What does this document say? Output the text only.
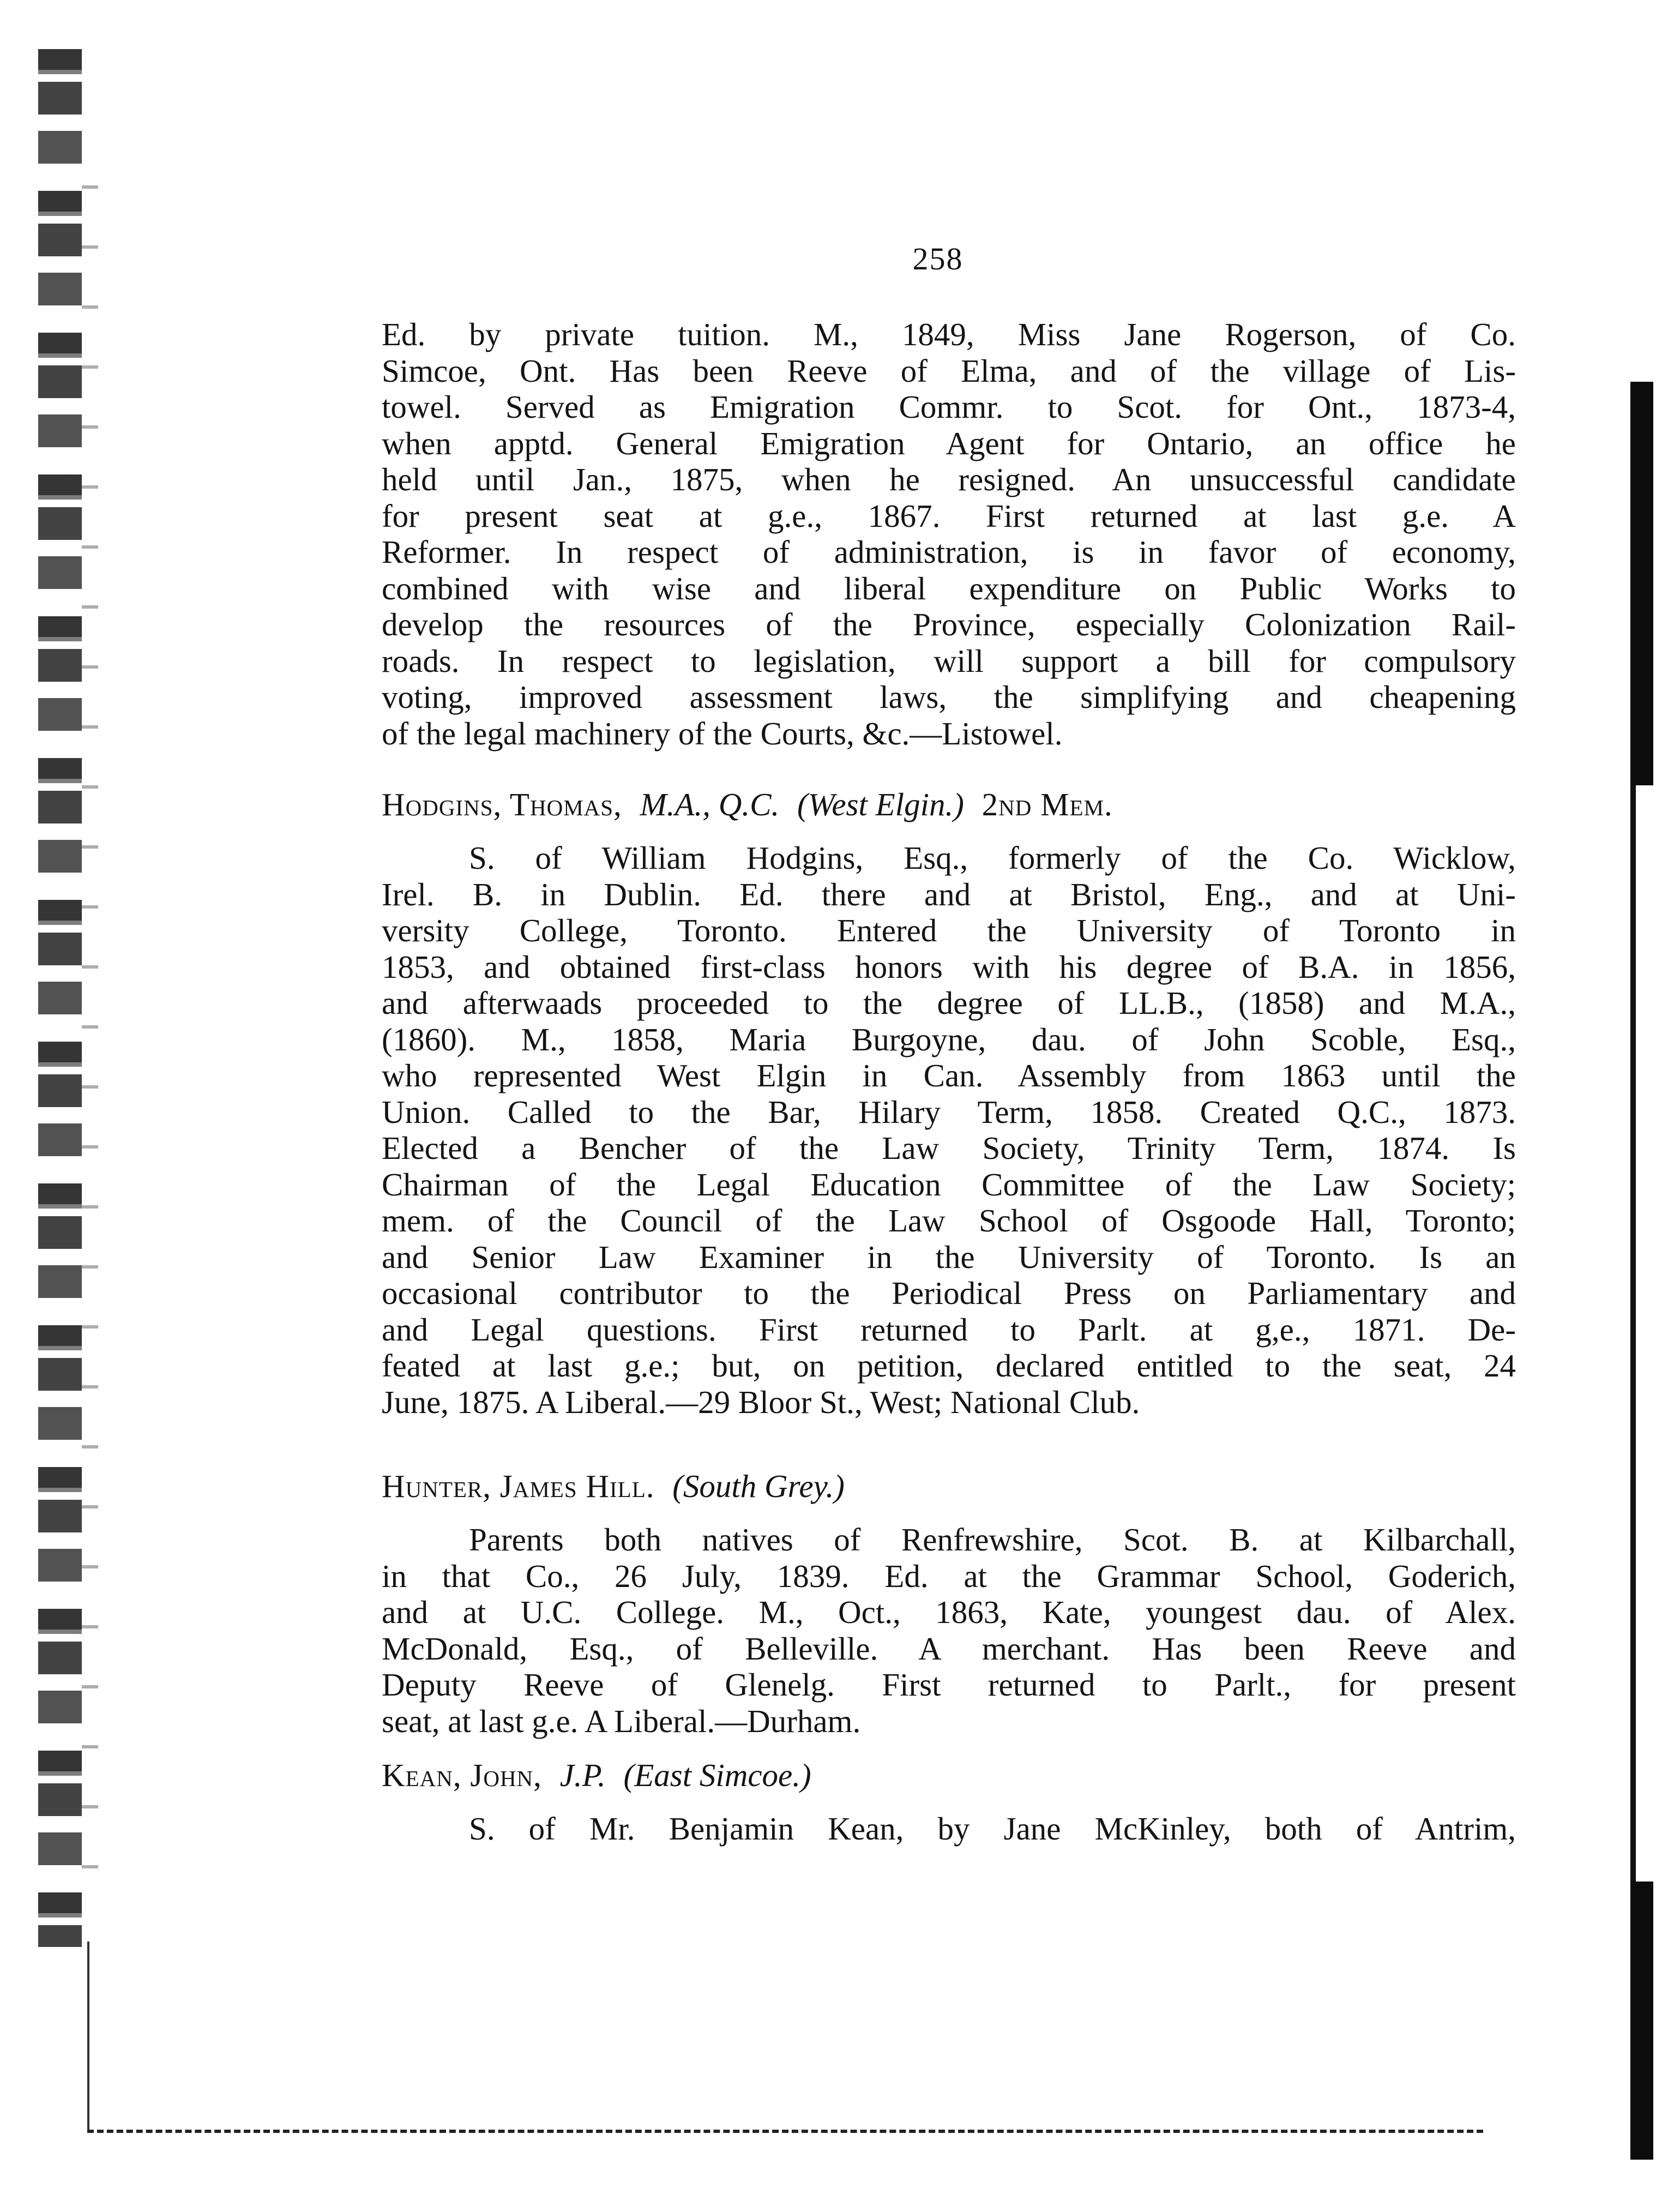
258
Ed. by private tuition. M., 1849, Miss Jane Rogerson, of Co.
Simcoe, Ont. Has been Reeve of Elma, and of the village of Lis-
towel. Served as Emigration Commr. to Scot. for Ont., 1873-4,
when apptd. General Emigration Agent for Ontario, an office he
held until Jan., 1875, when he resigned. An unsuccessful candidate
for present seat at g.e., 1867. First returned at last g.e. A
Reformer. In respect of administration, is in favor of economy,
combined with wise and liberal expenditure on Public Works to
develop the resources of the Province, especially Colonization Rail-
roads. In respect to legislation, will support a bill for compulsory
voting, improved assessment laws, the simplifying and cheapening
of the legal machinery of the Courts, &c.—Listowel.
Hodgins, Thomas, M.A., Q.C. (West Elgin.) 2nd Mem.
S. of William Hodgins, Esq., formerly of the Co. Wicklow,
Irel. B. in Dublin. Ed. there and at Bristol, Eng., and at Uni-
versity College, Toronto. Entered the University of Toronto in
1853, and obtained first-class honors with his degree of B.A. in 1856,
and afterwaads proceeded to the degree of LL.B., (1858) and M.A.,
(1860). M., 1858, Maria Burgoyne, dau. of John Scoble, Esq.,
who represented West Elgin in Can. Assembly from 1863 until the
Union. Called to the Bar, Hilary Term, 1858. Created Q.C., 1873.
Elected a Bencher of the Law Society, Trinity Term, 1874. Is
Chairman of the Legal Education Committee of the Law Society;
mem. of the Council of the Law School of Osgoode Hall, Toronto;
and Senior Law Examiner in the University of Toronto. Is an
occasional contributor to the Periodical Press on Parliamentary and
and Legal questions. First returned to Parlt. at g,e., 1871. De-
feated at last g.e.; but, on petition, declared entitled to the seat, 24
June, 1875. A Liberal.—29 Bloor St., West; National Club.
Hunter, James Hill. (South Grey.)
Parents both natives of Renfrewshire, Scot. B. at Kilbarchall,
in that Co., 26 July, 1839. Ed. at the Grammar School, Goderich,
and at U.C. College. M., Oct., 1863, Kate, youngest dau. of Alex.
McDonald, Esq., of Belleville. A merchant. Has been Reeve and
Deputy Reeve of Glenelg. First returned to Parlt., for present
seat, at last g.e. A Liberal.—Durham.
Kean, John, J.P. (East Simcoe.)
S. of Mr. Benjamin Kean, by Jane McKinley, both of Antrim,
